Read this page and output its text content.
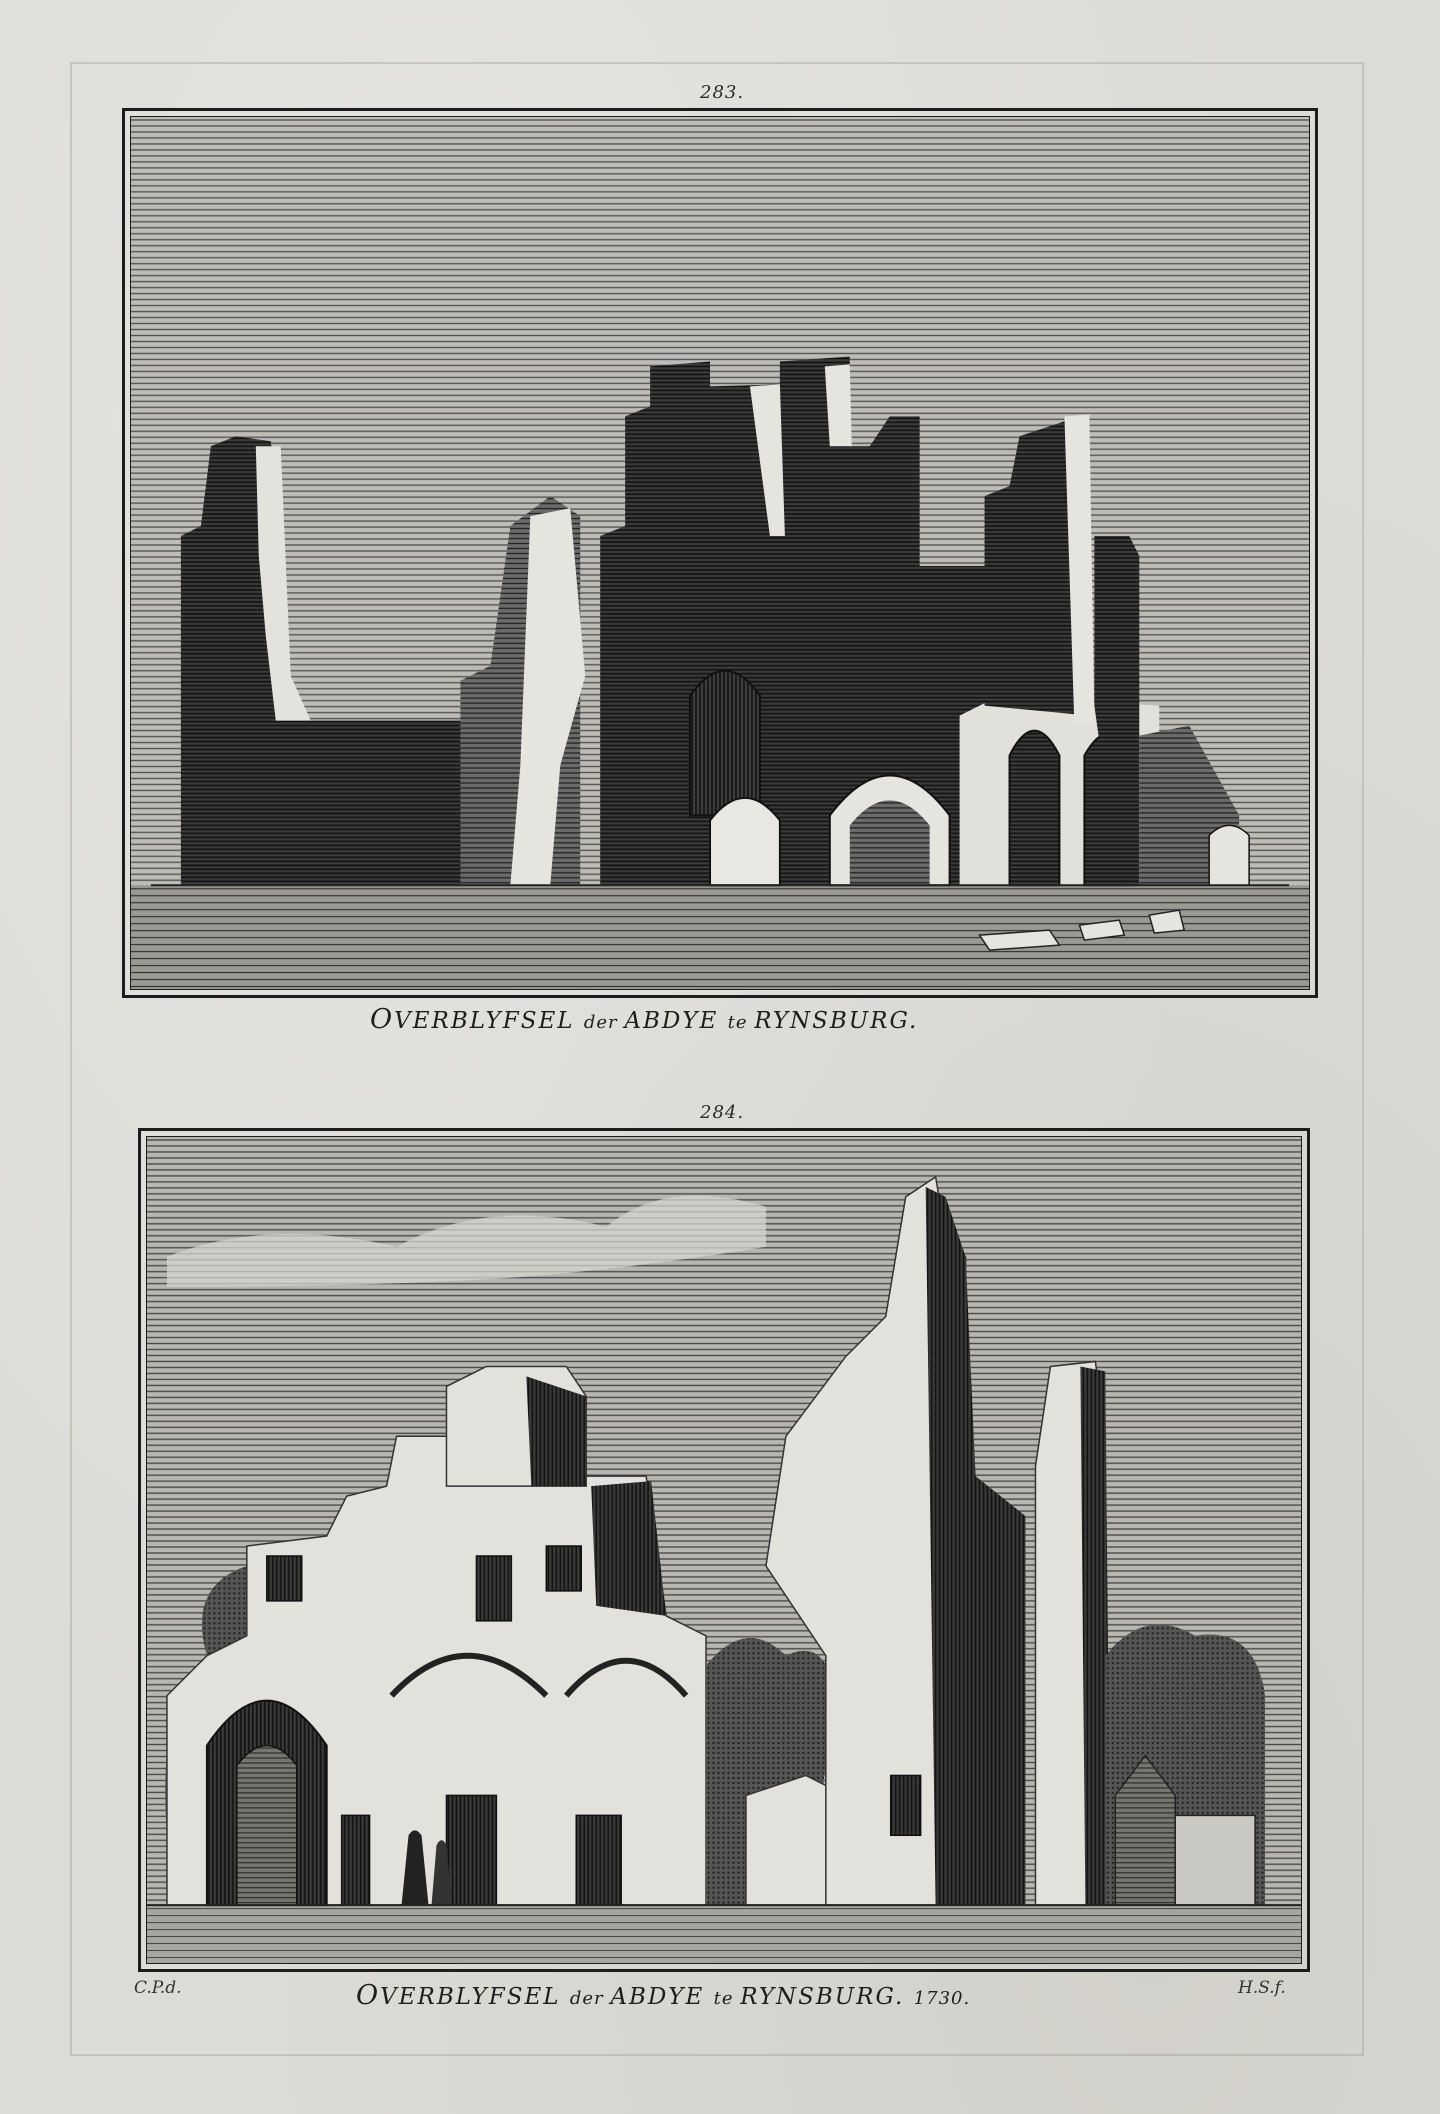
283.
OVERBLYFSEL der ABDYE te RYNSBURG.
284.
C.P.d.	H.S.f.
OVERBLYFSEL der ABDYE te RYNSBURG. 1730.
